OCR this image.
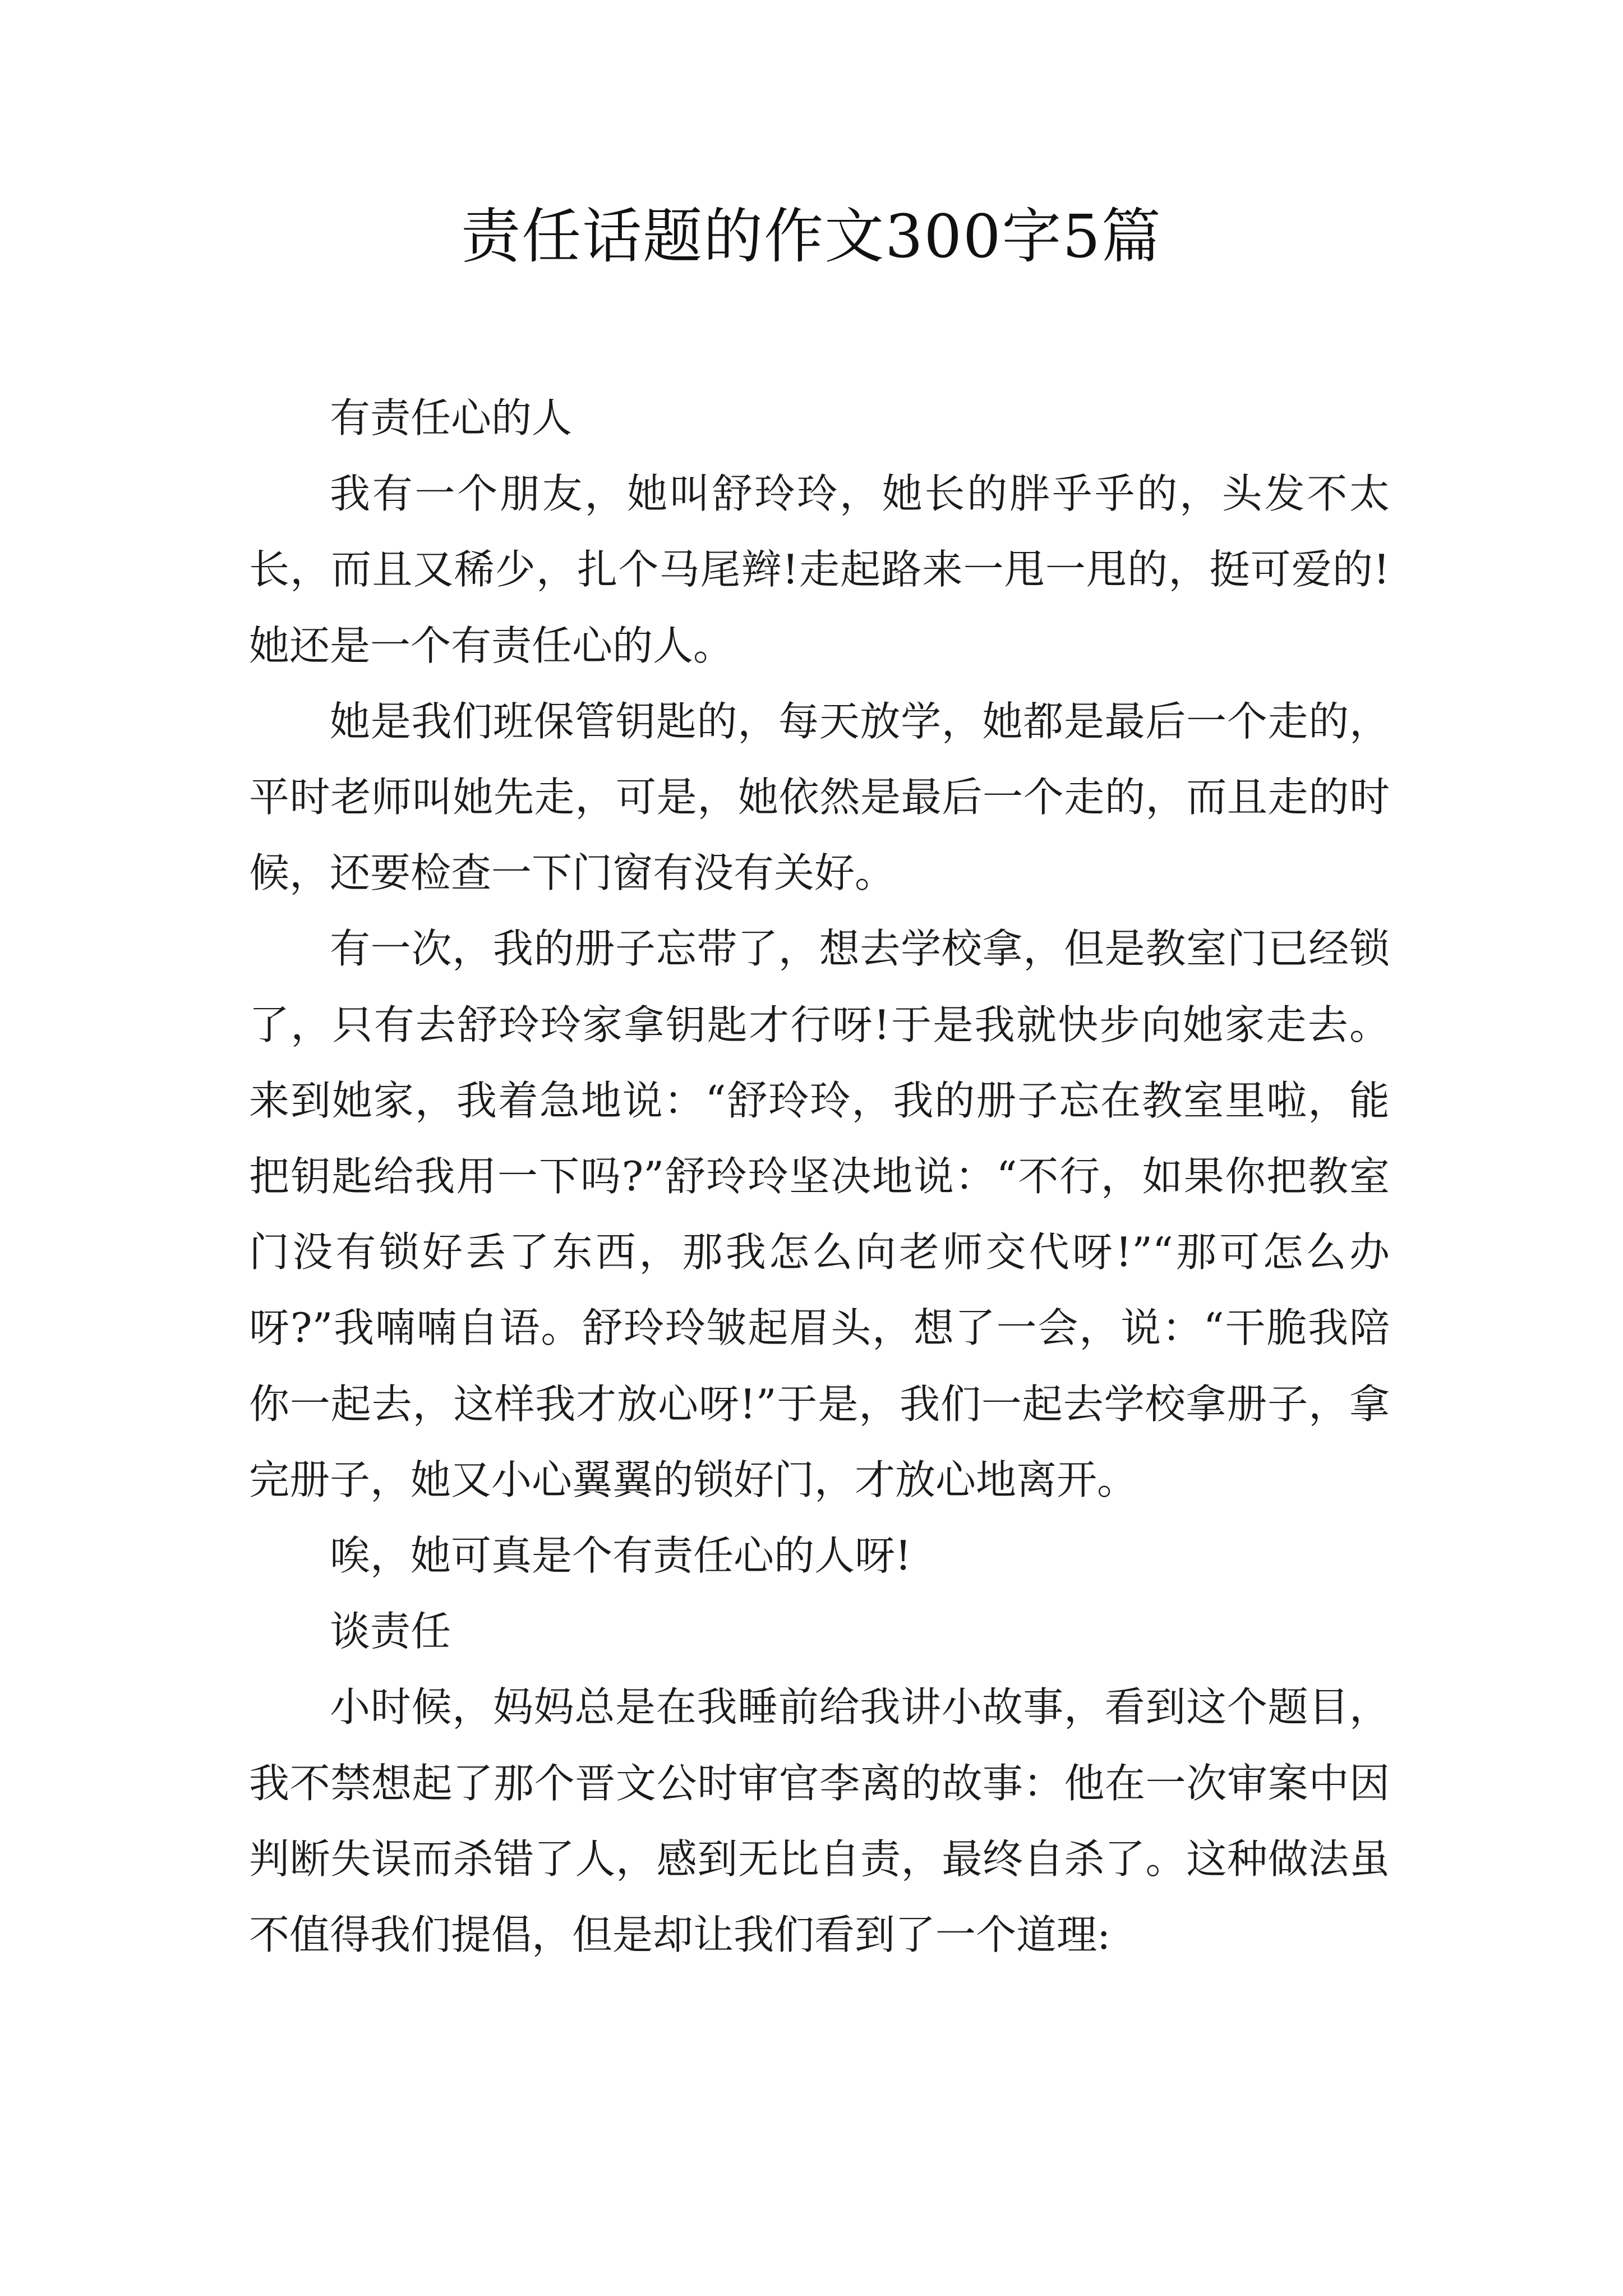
责任话题的作文300字5篇

有责任心的人

我有一个朋友，她叫舒玲玲，她长的胖乎乎的，头发不太长，而且又稀少，扎个马尾辫!走起路来一甩一甩的，挺可爱的!她还是一个有责任心的人。

她是我们班保管钥匙的，每天放学，她都是最后一个走的，平时老师叫她先走，可是，她依然是最后一个走的，而且走的时候，还要检查一下门窗有没有关好。

有一次，我的册子忘带了，想去学校拿，但是教室门已经锁了，只有去舒玲玲家拿钥匙才行呀!于是我就快步向她家走去。来到她家，我着急地说：“舒玲玲，我的册子忘在教室里啦，能把钥匙给我用一下吗?”舒玲玲坚决地说：“不行，如果你把教室门没有锁好丢了东西，那我怎么向老师交代呀!”“那可怎么办呀?”我喃喃自语。舒玲玲皱起眉头，想了一会，说：“干脆我陪你一起去，这样我才放心呀!”于是，我们一起去学校拿册子，拿完册子，她又小心翼翼的锁好门，才放心地离开。

唉，她可真是个有责任心的人呀!

谈责任

小时候，妈妈总是在我睡前给我讲小故事，看到这个题目，我不禁想起了那个晋文公时审官李离的故事：他在一次审案中因判断失误而杀错了人，感到无比自责，最终自杀了。这种做法虽不值得我们提倡，但是却让我们看到了一个道理:
